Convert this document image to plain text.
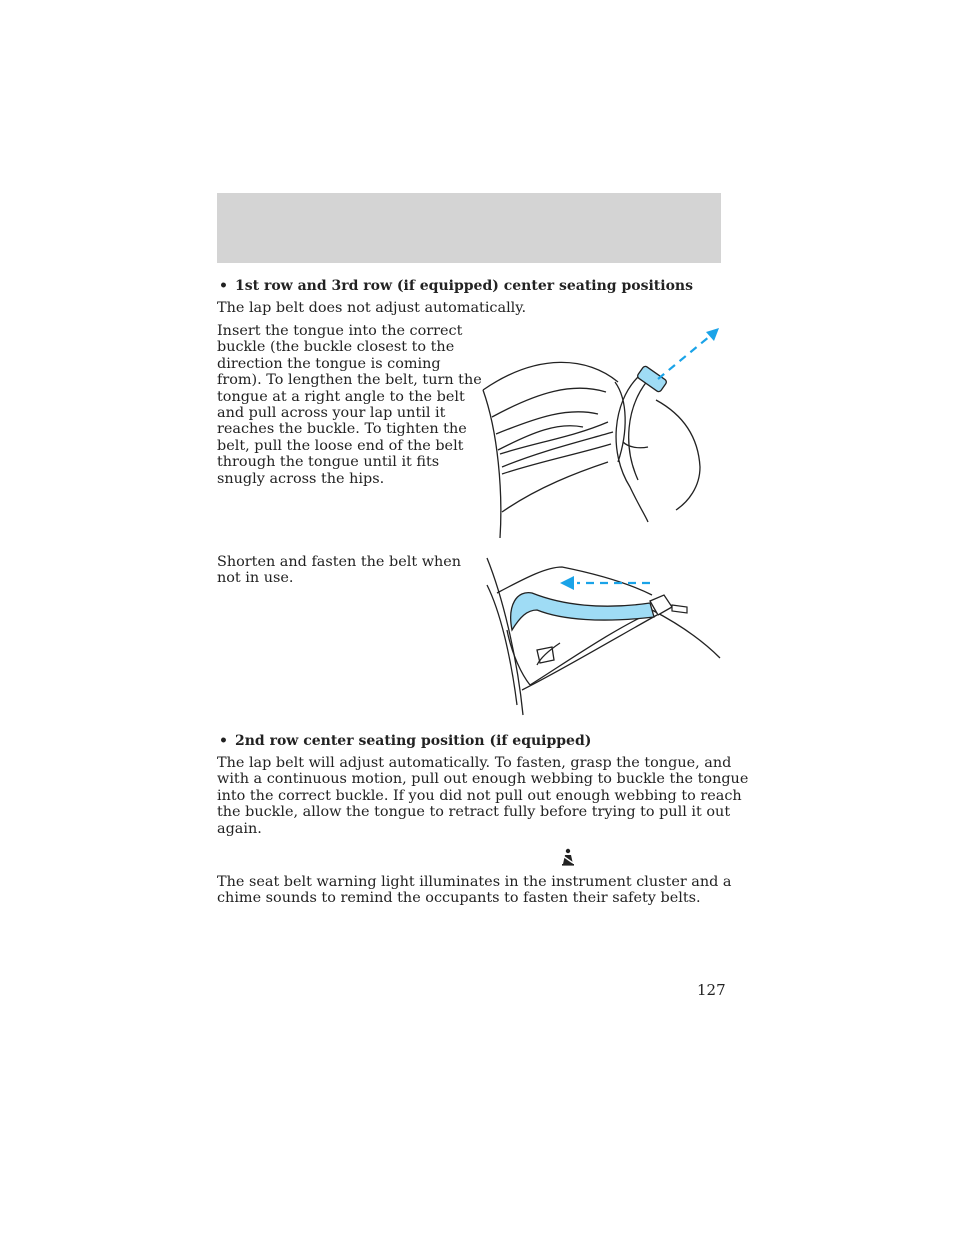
• 1st row and 3rd row (if equipped) center seating positions
The lap belt does not adjust automatically.
Insert the tongue into the correct
buckle (the buckle closest to the
direction the tongue is coming
from). To lengthen the belt, turn the
tongue at a right angle to the belt
and pull across your lap until it
reaches the buckle. To tighten the
belt, pull the loose end of the belt
through the tongue until it fits
snugly across the hips.
Shorten and fasten the belt when
not in use.
• 2nd row center seating position (if equipped)
The lap belt will adjust automatically. To fasten, grasp the tongue, and
with a continuous motion, pull out enough webbing to buckle the tongue
into the correct buckle. If you did not pull out enough webbing to reach
the buckle, allow the tongue to retract fully before trying to pull it out
again.
The seat belt warning light illuminates in the instrument cluster and a
chime sounds to remind the occupants to fasten their safety belts.
127
